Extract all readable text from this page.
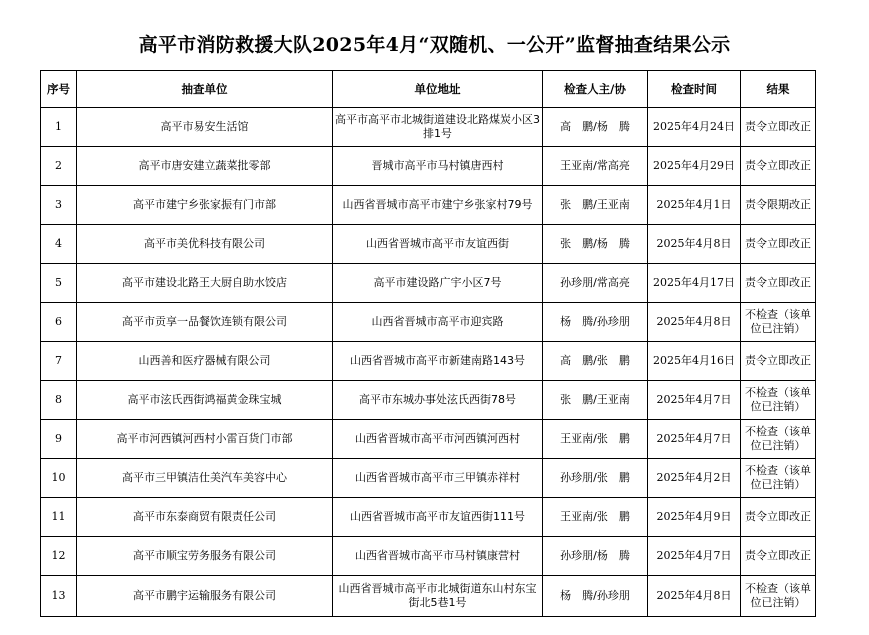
高平市消防救援大队2025年4月“双随机、一公开”监督抽查结果公示
序号	抽查单位	单位地址	检查人主/协	检查时间	结果
1	高平市易安生活馆	高平市高平市北城街道建设北路煤炭小区3排1号	高　鹏/杨　腾	2025年4月24日	责令立即改正
2	高平市唐安建立蔬菜批零部	晋城市高平市马村镇唐西村	王亚南/常高亮	2025年4月29日	责令立即改正
3	高平市建宁乡张家振有门市部	山西省晋城市高平市建宁乡张家村79号	张　鹏/王亚南	2025年4月1日	责令限期改正
4	高平市美优科技有限公司	山西省晋城市高平市友谊西街	张　鹏/杨　腾	2025年4月8日	责令立即改正
5	高平市建设北路王大厨自助水饺店	高平市建设路广宇小区7号	孙珍朋/常高亮	2025年4月17日	责令立即改正
6	高平市贡享一品餐饮连锁有限公司	山西省晋城市高平市迎宾路	杨　腾/孙珍朋	2025年4月8日	不检查（该单位已注销）
7	山西善和医疗器械有限公司	山西省晋城市高平市新建南路143号	高　鹏/张　鹏	2025年4月16日	责令立即改正
8	高平市泫氏西街鸿福黄金珠宝城	高平市东城办事处泫氏西街78号	张　鹏/王亚南	2025年4月7日	不检查（该单位已注销）
9	高平市河西镇河西村小雷百货门市部	山西省晋城市高平市河西镇河西村	王亚南/张　鹏	2025年4月7日	不检查（该单位已注销）
10	高平市三甲镇洁仕美汽车美容中心	山西省晋城市高平市三甲镇赤祥村	孙珍朋/张　鹏	2025年4月2日	不检查（该单位已注销）
11	高平市东泰商贸有限责任公司	山西省晋城市高平市友谊西街111号	王亚南/张　鹏	2025年4月9日	责令立即改正
12	高平市顺宝劳务服务有限公司	山西省晋城市高平市马村镇康营村	孙珍朋/杨　腾	2025年4月7日	责令立即改正
13	高平市鹏宇运输服务有限公司	山西省晋城市高平市北城街道东山村东宝街北5巷1号	杨　腾/孙珍朋	2025年4月8日	不检查（该单位已注销）
